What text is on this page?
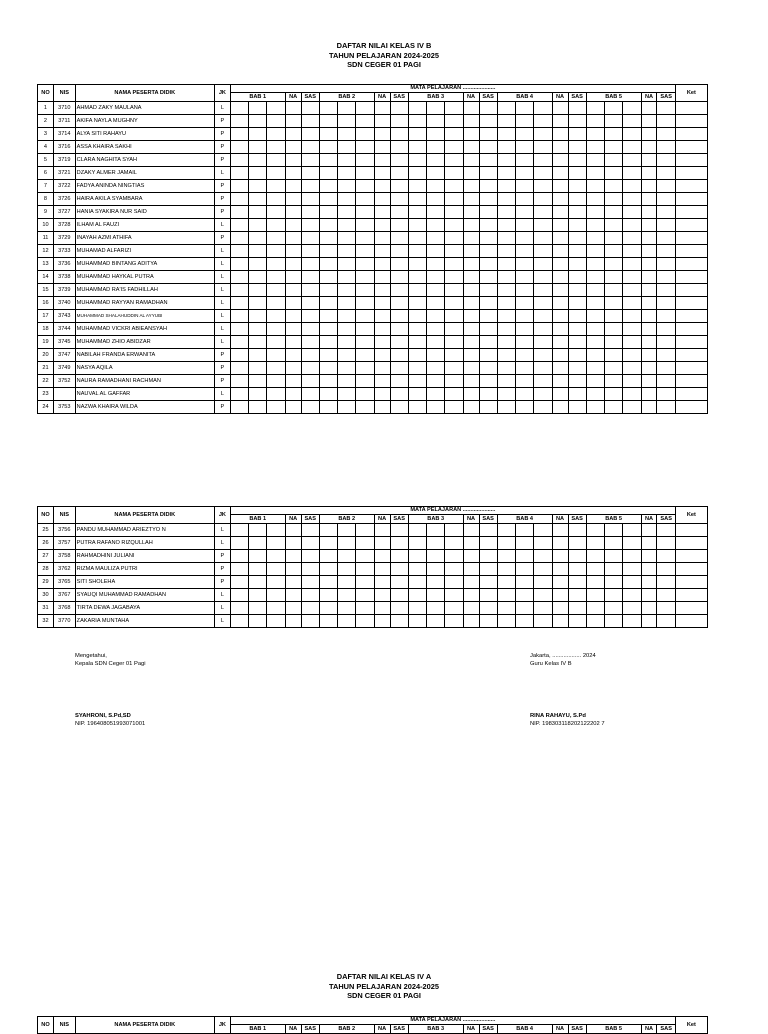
DAFTAR NILAI KELAS IV B
TAHUN PELAJARAN 2024-2025
SDN CEGER 01 PAGI
NO	NIS	NAMA PESERTA DIDIK	JK	MATA PELAJARAN .....................																									Ket
				BAB 1			NA	SAS	BAB 2			NA	SAS	BAB 3			NA	SAS	BAB 4			NA	SAS	BAB 5			NA	SAS	
1	3710	AHMAD ZAKY MAULANA	L																										
2	3711	AKIFA NAYLA MUGHNY	P																										
3	3714	ALYA SITI RAHAYU	P																										
4	3716	ASSA KHAIRA SAKHI	P																										
5	3719	CLARA NAGHITA SYAH	P																										
6	3721	DZAKY ALMER JAMAIL	L																										
7	3722	FADYA ANINDA NINGTIAS	P																										
8	3726	HAIRA AKILA SYAMBARA	P																										
9	3727	HANIA SYAKIRA NUR SAID	P																										
10	3728	ILHAM AL FAUZI	L																										
11	3729	INAYAH AZMI ATHIFA	P																										
12	3733	MUHAMAD ALFARIZI	L																										
13	3736	MUHAMMAD BINTANG ADITYA	L																										
14	3738	MUHAMMAD HAYKAL PUTRA	L																										
15	3739	MUHAMMAD RA'IS FADHILLAH	L																										
16	3740	MUHAMMAD RAYYAN RAMADHAN	L																										
17	3743	MUHAMMAD SHALAHUDDIN AL AYYUBI	L																										
18	3744	MUHAMMAD VICKRI ABIEANSYAH	L																										
19	3745	MUHAMMAD ZHIO ABIDZAR	L																										
20	3747	NABILAH FRANDA ERWANITA	P																										
21	3749	NASYA AQILA	P																										
22	3752	NAURA RAMADHANI RACHMAN	P																										
23		NAUVAL AL GAFFAR	L																										
24	3753	NAZWA KHAIRA WILDA	P																										
NO	NIS	NAMA PESERTA DIDIK	JK	MATA PELAJARAN .....................																									Ket
				BAB 1			NA	SAS	BAB 2			NA	SAS	BAB 3			NA	SAS	BAB 4			NA	SAS	BAB 5			NA	SAS	
25	3756	PANDU MUHAMMAD ARIEZTYO N	L																										
26	3757	PUTRA RAFANO RIZQULLAH	L																										
27	3758	RAHMADHINI JULIANI	P																										
28	3762	RIZMA MAULIZA PUTRI	P																										
29	3765	SITI SHOLEHA	P																										
30	3767	SYAUQI MUHAMMAD RAMADHAN	L																										
31	3768	TIRTA DEWA JAGABAYA	L																										
32	3770	ZAKARIA MUNTAHA	L																										
Mengetahui,
Kepala SDN Ceger 01 Pagi
SYAHRONI, S.Pd,SD
NIP. 196408051993071001
Jakarta, .................. 2024
Guru Kelas IV B
RINA RAHAYU, S.Pd
NIP. 198303118202122202 7
DAFTAR NILAI KELAS IV A
TAHUN PELAJARAN 2024-2025
SDN CEGER 01 PAGI
NO	NIS	NAMA PESERTA DIDIK	JK	MATA PELAJARAN .....................															Ket
				BAB 1	NA	SAS	BAB 2	NA	SAS	BAB 3	NA	SAS	BAB 4	NA	SAS	BAB 5	NA	SAS	
